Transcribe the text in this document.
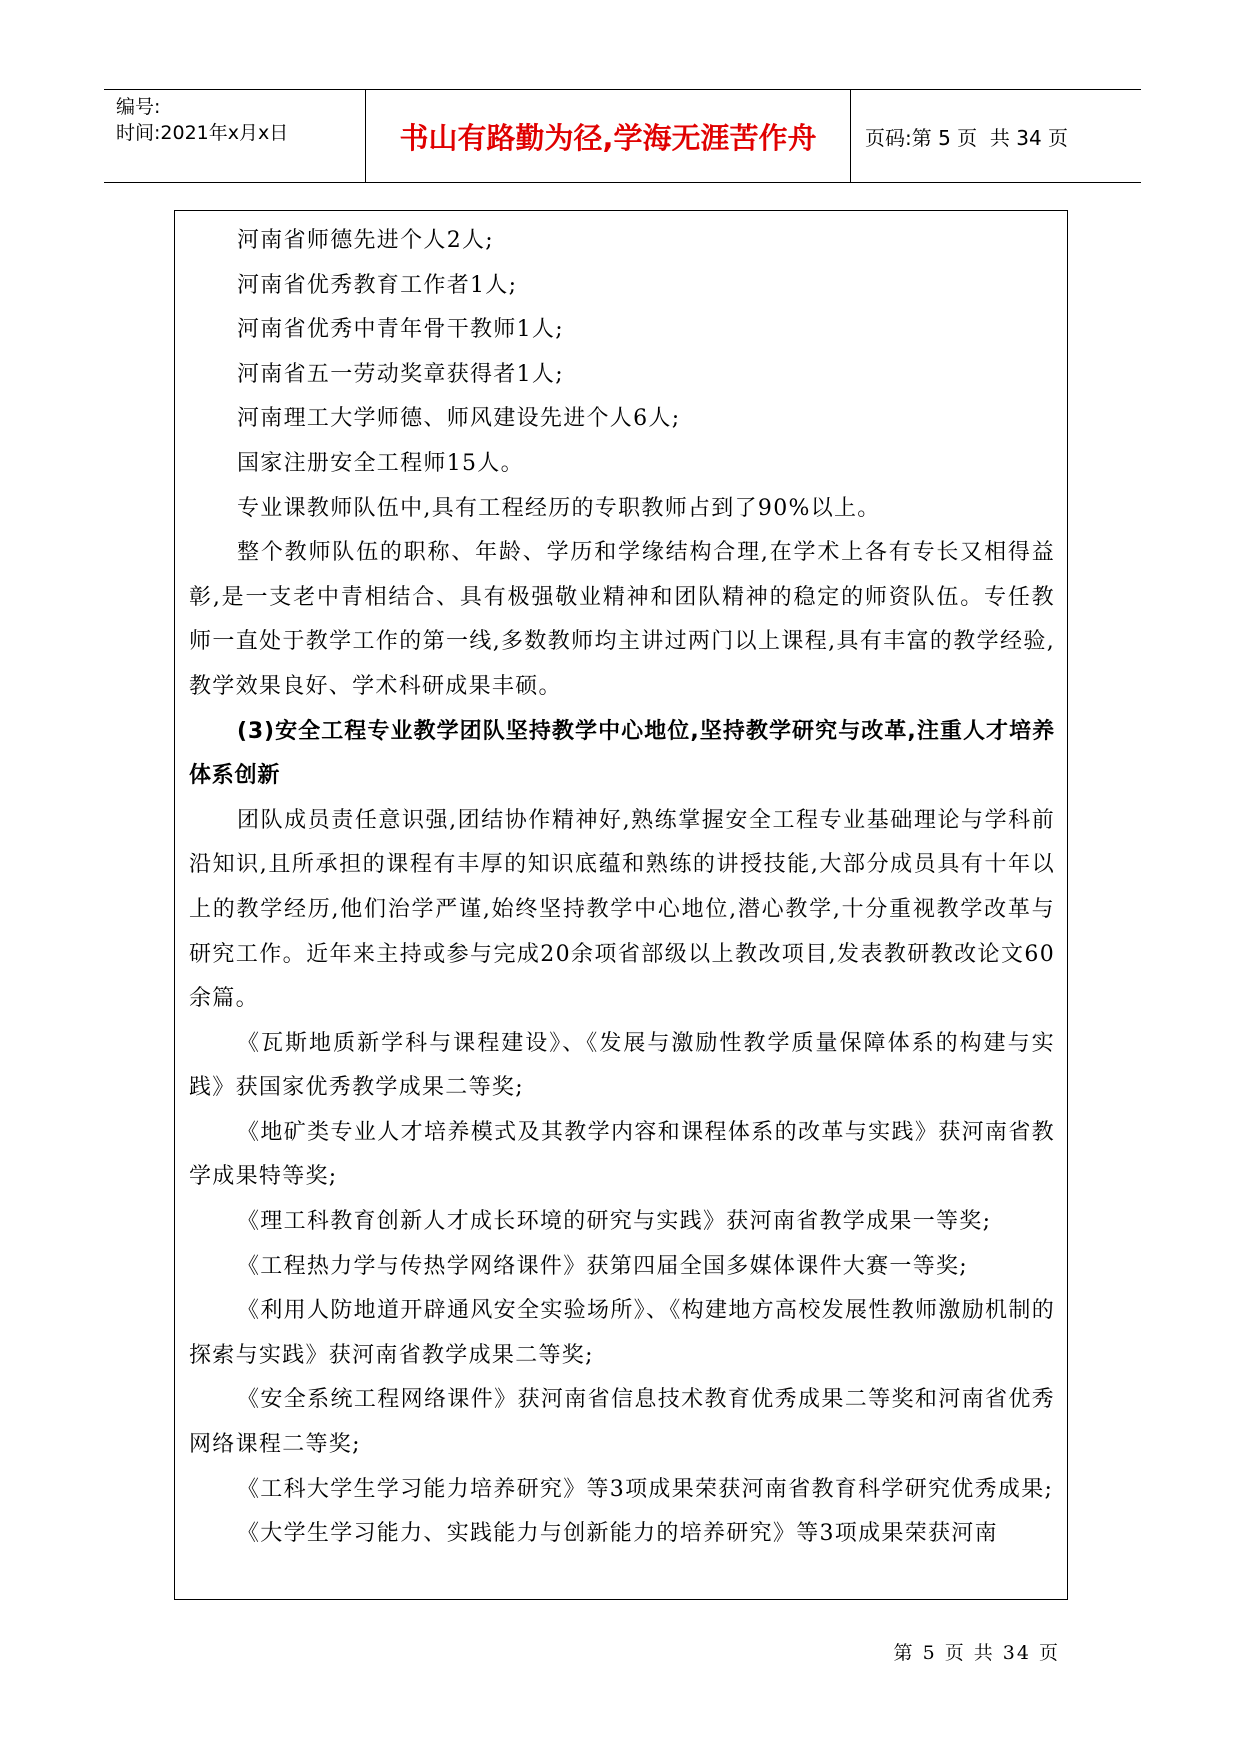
编号:
时间:2021年x月x日	书山有路勤为径,学海无涯苦作舟	页码:第 5 页  共 34 页

河南省师德先进个人2人;

河南省优秀教育工作者1人;

河南省优秀中青年骨干教师1人;

河南省五一劳动奖章获得者1人;

河南理工大学师德、师风建设先进个人6人;

国家注册安全工程师15人。

专业课教师队伍中,具有工程经历的专职教师占到了90%以上。

整个教师队伍的职称、年龄、学历和学缘结构合理,在学术上各有专长又相得益彰,是一支老中青相结合、具有极强敬业精神和团队精神的稳定的师资队伍。专任教师一直处于教学工作的第一线,多数教师均主讲过两门以上课程,具有丰富的教学经验,教学效果良好、学术科研成果丰硕。

(3)安全工程专业教学团队坚持教学中心地位,坚持教学研究与改革,注重人才培养体系创新

团队成员责任意识强,团结协作精神好,熟练掌握安全工程专业基础理论与学科前沿知识,且所承担的课程有丰厚的知识底蕴和熟练的讲授技能,大部分成员具有十年以上的教学经历,他们治学严谨,始终坚持教学中心地位,潜心教学,十分重视教学改革与研究工作。近年来主持或参与完成20余项省部级以上教改项目,发表教研教改论文60余篇。

《瓦斯地质新学科与课程建设》、《发展与激励性教学质量保障体系的构建与实践》获国家优秀教学成果二等奖;

《地矿类专业人才培养模式及其教学内容和课程体系的改革与实践》获河南省教学成果特等奖;

《理工科教育创新人才成长环境的研究与实践》获河南省教学成果一等奖;

《工程热力学与传热学网络课件》获第四届全国多媒体课件大赛一等奖;

《利用人防地道开辟通风安全实验场所》、《构建地方高校发展性教师激励机制的探索与实践》获河南省教学成果二等奖;

《安全系统工程网络课件》获河南省信息技术教育优秀成果二等奖和河南省优秀网络课程二等奖;

《工科大学生学习能力培养研究》等3项成果荣获河南省教育科学研究优秀成果;

《大学生学习能力、实践能力与创新能力的培养研究》等3项成果荣获河南

第 5 页 共 34 页
